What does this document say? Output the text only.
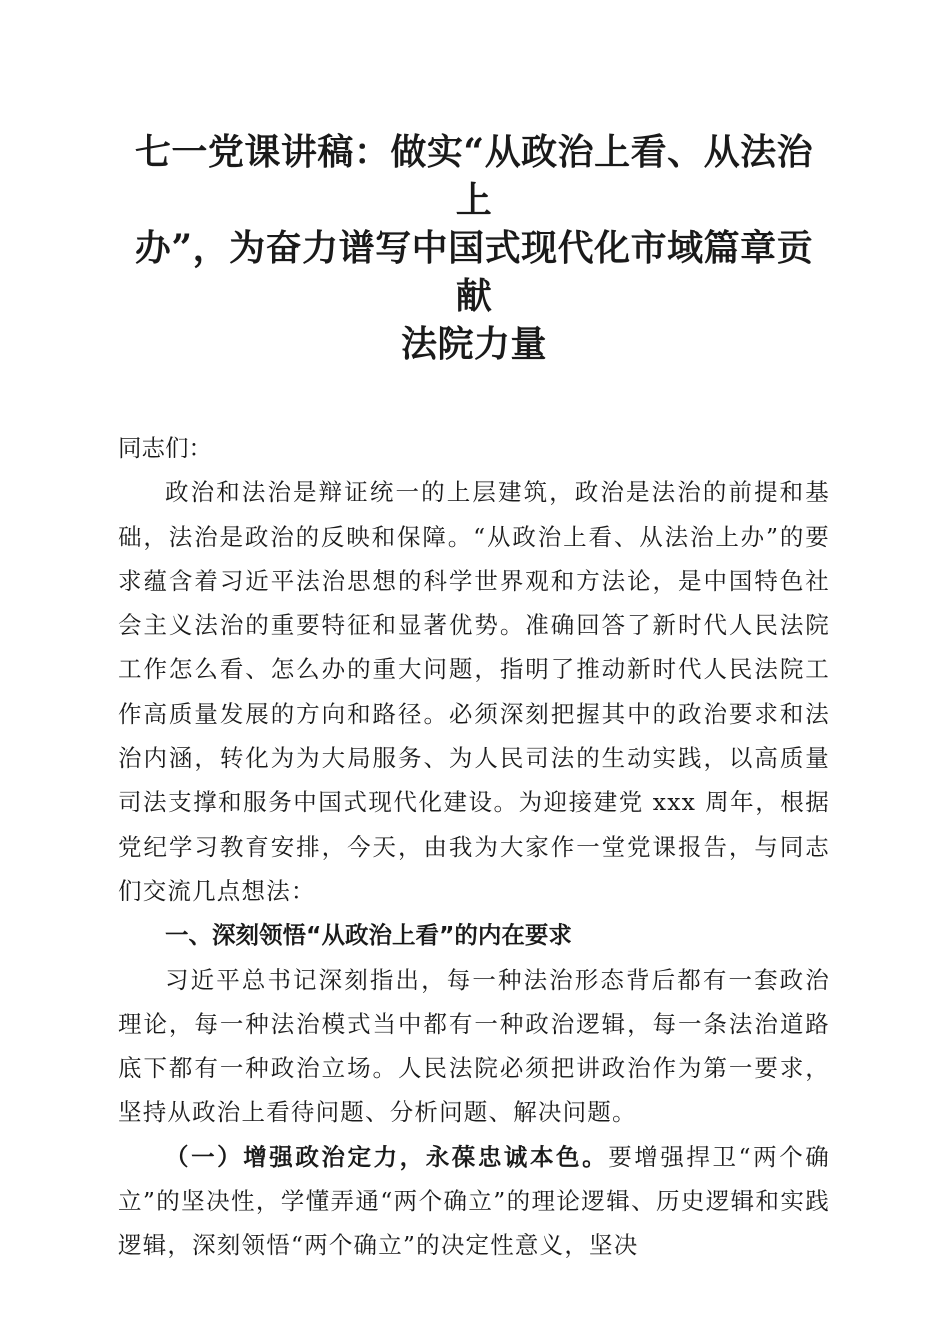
七一党课讲稿：做实“从政治上看、从法治上
办”，为奋力谱写中国式现代化市域篇章贡献
法院力量

同志们：

政治和法治是辩证统一的上层建筑，政治是法治的前提和基础，法治是政治的反映和保障。“从政治上看、从法治上办”的要求蕴含着习近平法治思想的科学世界观和方法论，是中国特色社会主义法治的重要特征和显著优势。准确回答了新时代人民法院工作怎么看、怎么办的重大问题，指明了推动新时代人民法院工作高质量发展的方向和路径。必须深刻把握其中的政治要求和法治内涵，转化为为大局服务、为人民司法的生动实践，以高质量司法支撑和服务中国式现代化建设。为迎接建党 xxx 周年，根据党纪学习教育安排，今天，由我为大家作一堂党课报告，与同志们交流几点想法：

一、深刻领悟“从政治上看”的内在要求

习近平总书记深刻指出，每一种法治形态背后都有一套政治理论，每一种法治模式当中都有一种政治逻辑，每一条法治道路底下都有一种政治立场。人民法院必须把讲政治作为第一要求，坚持从政治上看待问题、分析问题、解决问题。

（一）增强政治定力，永葆忠诚本色。要增强捍卫“两个确立”的坚决性，学懂弄通“两个确立”的理论逻辑、历史逻辑和实践逻辑，深刻领悟“两个确立”的决定性意义，坚决
